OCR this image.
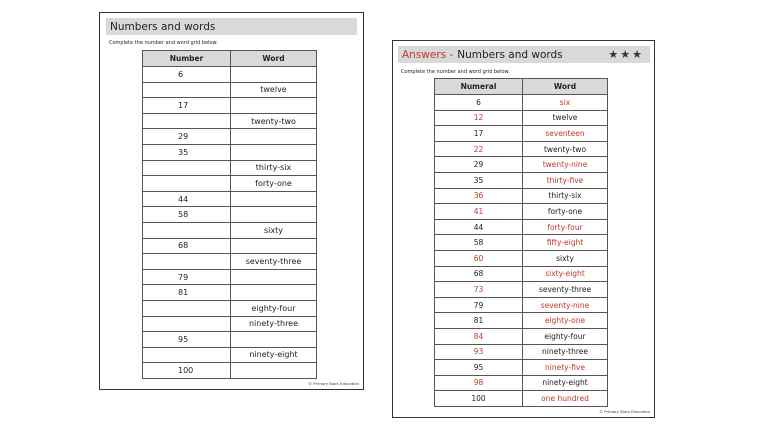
Numbers and words
Complete the number and word grid below.
Number	Word
6	
	twelve
17	
	twenty-two
29	
35	
	thirty-six
	forty-one
44	
58	
	sixty
68	
	seventy-three
79	
81	
	eighty-four
	ninety-three
95	
	ninety-eight
100	
© Primary Stars Education
Answers - Numbers and words	★★★
Complete the number and word grid below.
Numeral	Word
6	six
12	twelve
17	seventeen
22	twenty-two
29	twenty-nine
35	thirty-five
36	thirty-six
41	forty-one
44	forty-four
58	fifty-eight
60	sixty
68	sixty-eight
73	seventy-three
79	seventy-nine
81	eighty-one
84	eighty-four
93	ninety-three
95	ninety-five
98	ninety-eight
100	one hundred
© Primary Stars Education
